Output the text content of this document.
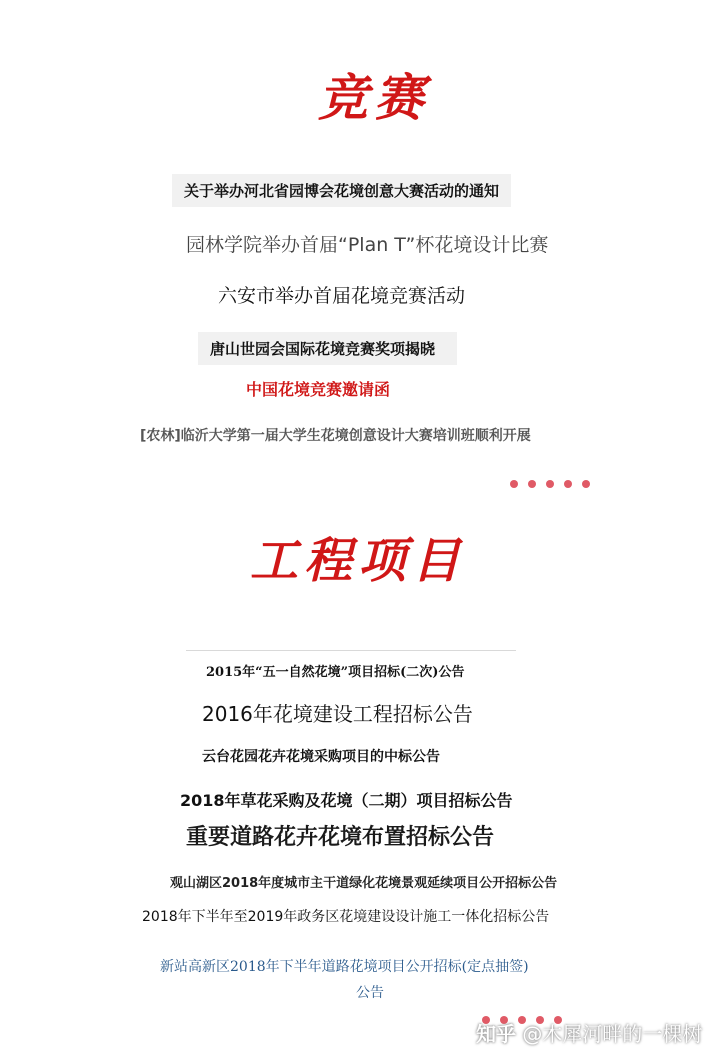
竞赛
关于举办河北省园博会花境创意大赛活动的通知
园林学院举办首届“Plan T”杯花境设计比赛
六安市举办首届花境竞赛活动
唐山世园会国际花境竞赛奖项揭晓
中国花境竞赛邀请函
[农林]临沂大学第一届大学生花境创意设计大赛培训班顺利开展
工程项目
2015年“五一自然花境”项目招标(二次)公告
2016年花境建设工程招标公告
云台花园花卉花境采购项目的中标公告
2018年草花采购及花境（二期）项目招标公告
重要道路花卉花境布置招标公告
观山湖区2018年度城市主干道绿化花境景观延续项目公开招标公告
2018年下半年至2019年政务区花境建设设计施工一体化招标公告
新站高新区2018年下半年道路花境项目公开招标(定点抽签)
公告
知乎 @木犀河畔的一棵树
